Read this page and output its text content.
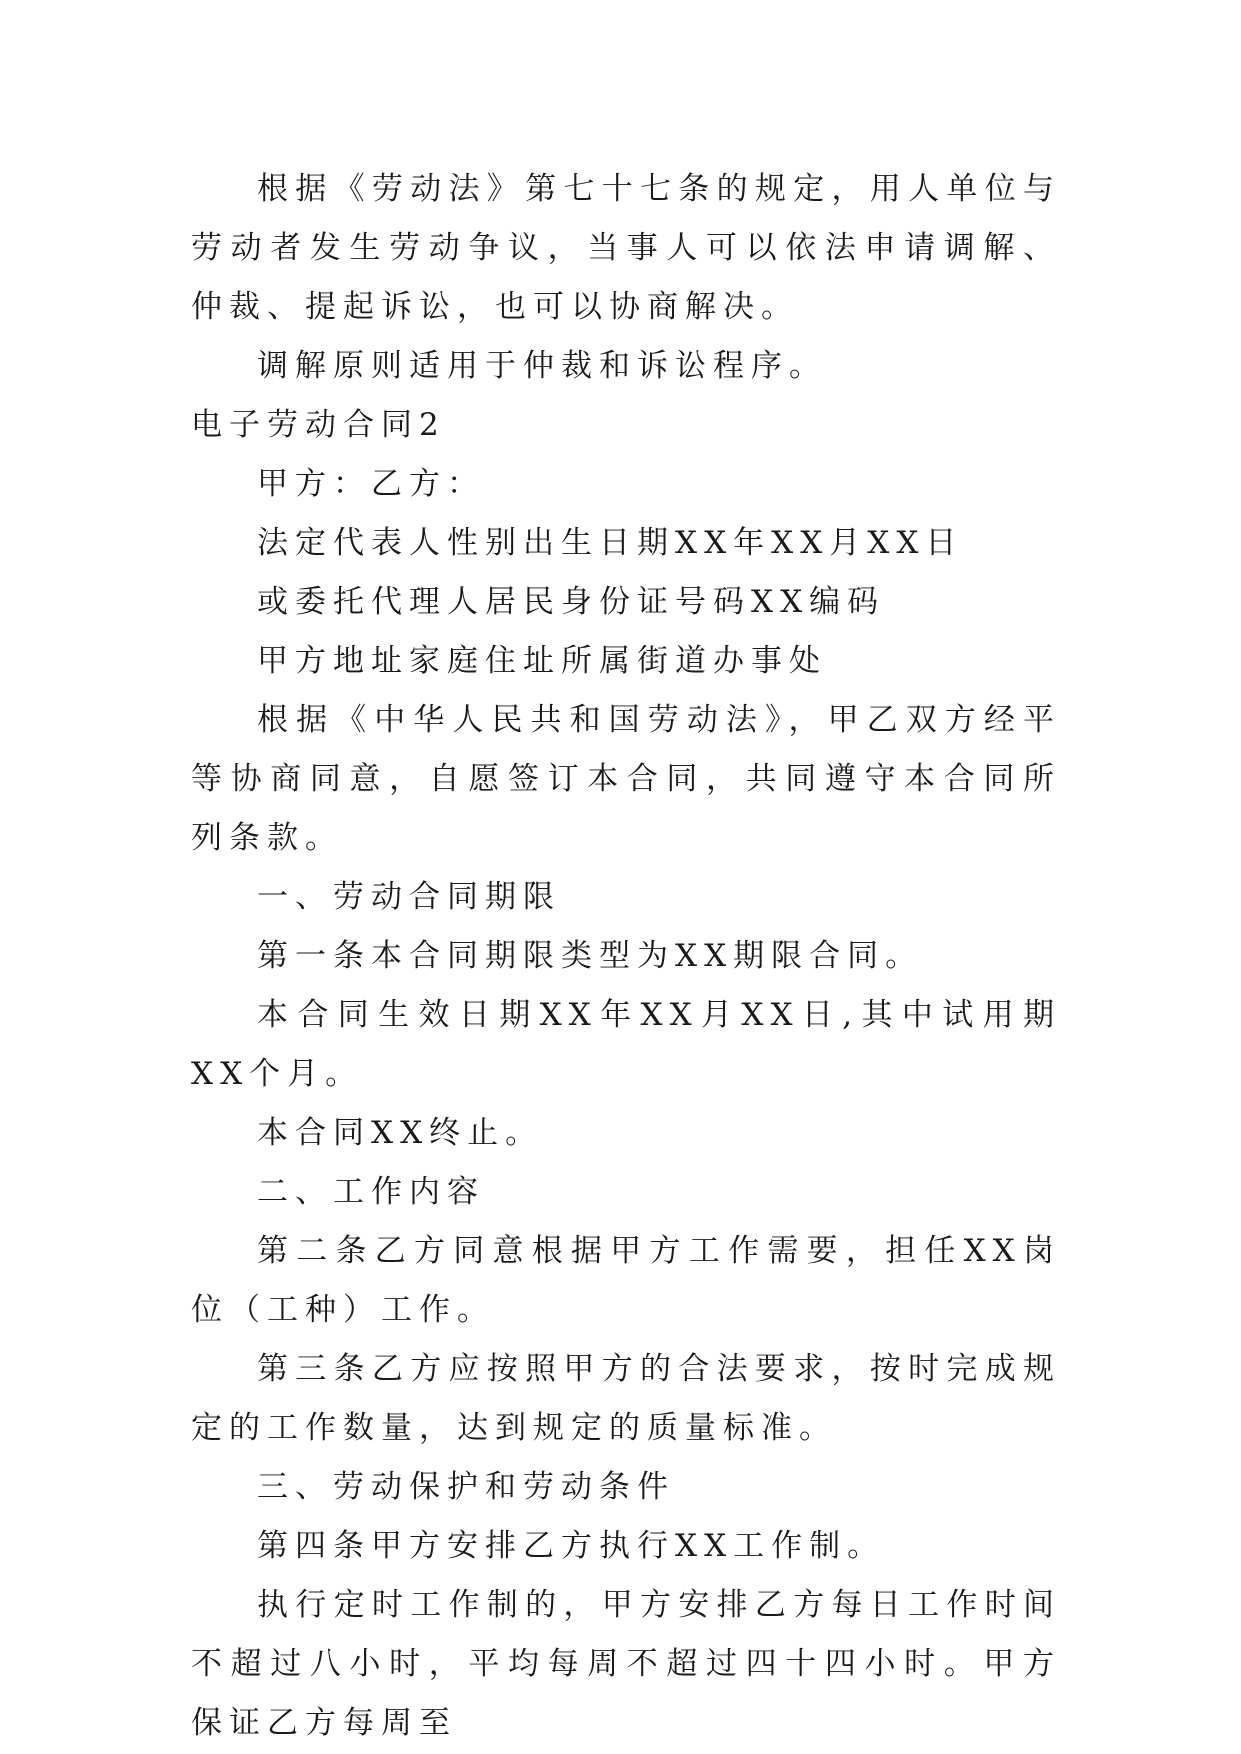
根据《劳动法》第七十七条的规定，用人单位与劳动者发生劳动争议，当事人可以依法申请调解、仲裁、提起诉讼，也可以协商解决。

调解原则适用于仲裁和诉讼程序。

电子劳动合同2

甲方：乙方：

法定代表人性别出生日期XX年XX月XX日

或委托代理人居民身份证号码XX编码

甲方地址家庭住址所属街道办事处

根据《中华人民共和国劳动法》，甲乙双方经平等协商同意，自愿签订本合同，共同遵守本合同所列条款。

一、劳动合同期限

第一条本合同期限类型为XX期限合同。

本合同生效日期XX年XX月XX日,其中试用期XX个月。

本合同XX终止。

二、工作内容

第二条乙方同意根据甲方工作需要，担任XX岗位（工种）工作。

第三条乙方应按照甲方的合法要求，按时完成规定的工作数量，达到规定的质量标准。

三、劳动保护和劳动条件

第四条甲方安排乙方执行XX工作制。

执行定时工作制的，甲方安排乙方每日工作时间不超过八小时，平均每周不超过四十四小时。甲方保证乙方每周至
